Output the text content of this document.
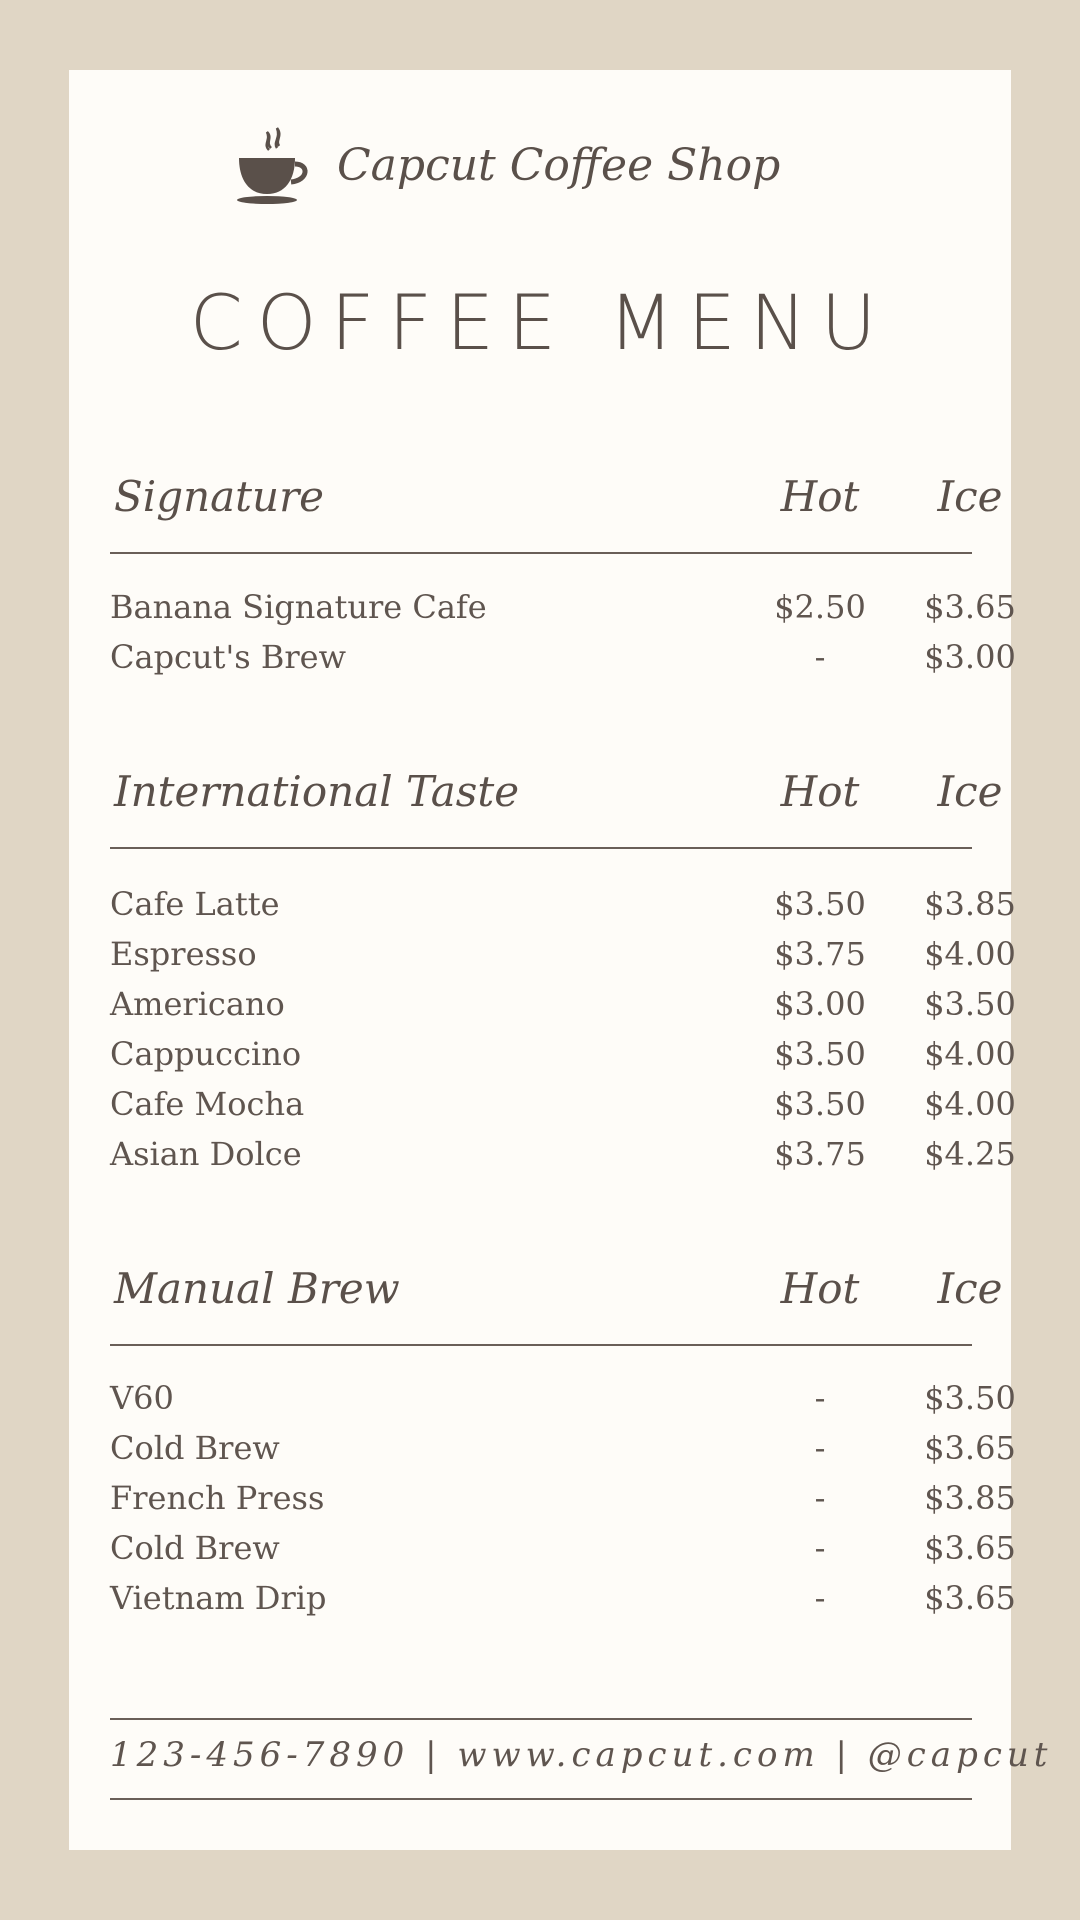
Capcut Coffee Shop
COFFEE MENU
Signature	Hot	Ice
Banana Signature Cafe	$2.50	$3.65
Capcut's Brew	-	$3.00
International Taste	Hot	Ice
Cafe Latte	$3.50	$3.85
Espresso	$3.75	$4.00
Americano	$3.00	$3.50
Cappuccino	$3.50	$4.00
Cafe Mocha	$3.50	$4.00
Asian Dolce	$3.75	$4.25
Manual Brew	Hot	Ice
V60	-	$3.50
Cold Brew	-	$3.65
French Press	-	$3.85
Cold Brew	-	$3.65
Vietnam Drip	-	$3.65
123-456-7890 | www.capcut.com | @capcut
